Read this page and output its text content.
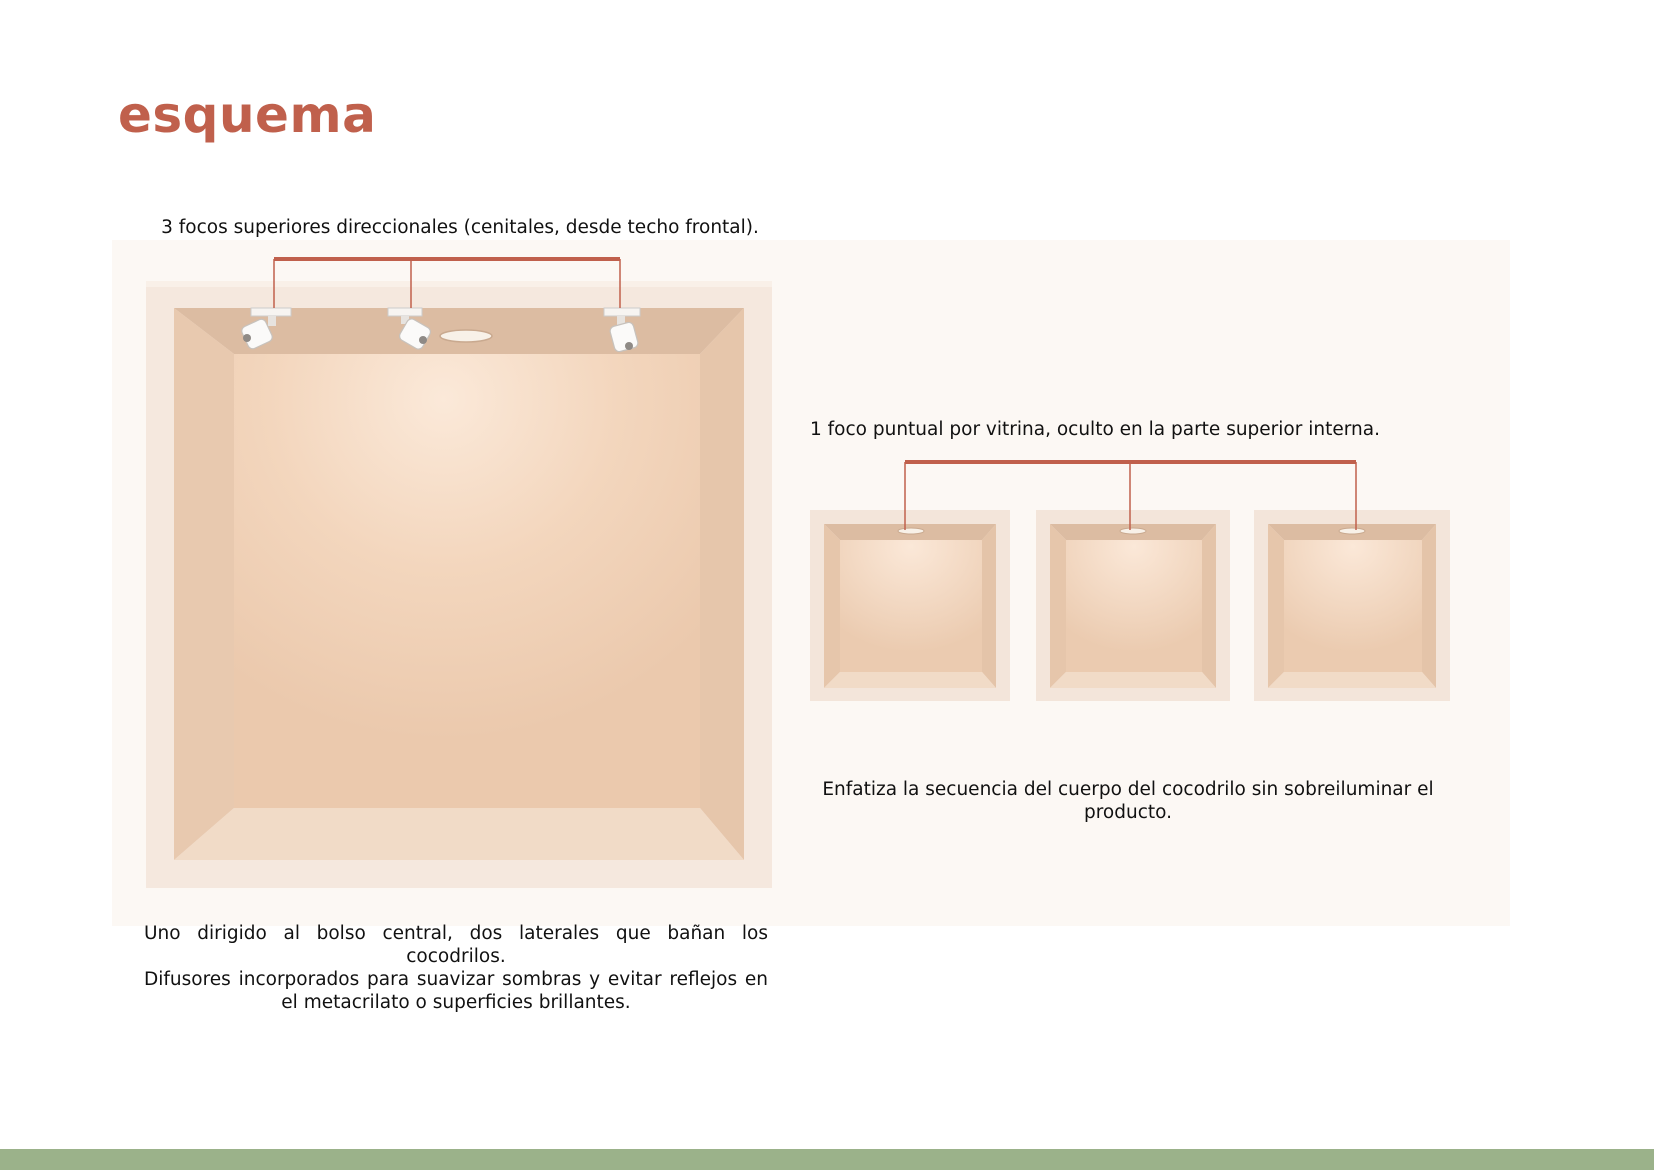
esquema
3 focos superiores direccionales (cenitales, desde techo frontal).
1 foco puntual por vitrina, oculto en la parte superior interna.
Enfatiza la secuencia del cuerpo del cocodrilo sin sobreiluminar el producto.
Uno dirigido al bolso central, dos laterales que bañan los cocodrilos.
Difusores incorporados para suavizar sombras y evitar reflejos en el metacrilato o superficies brillantes.
